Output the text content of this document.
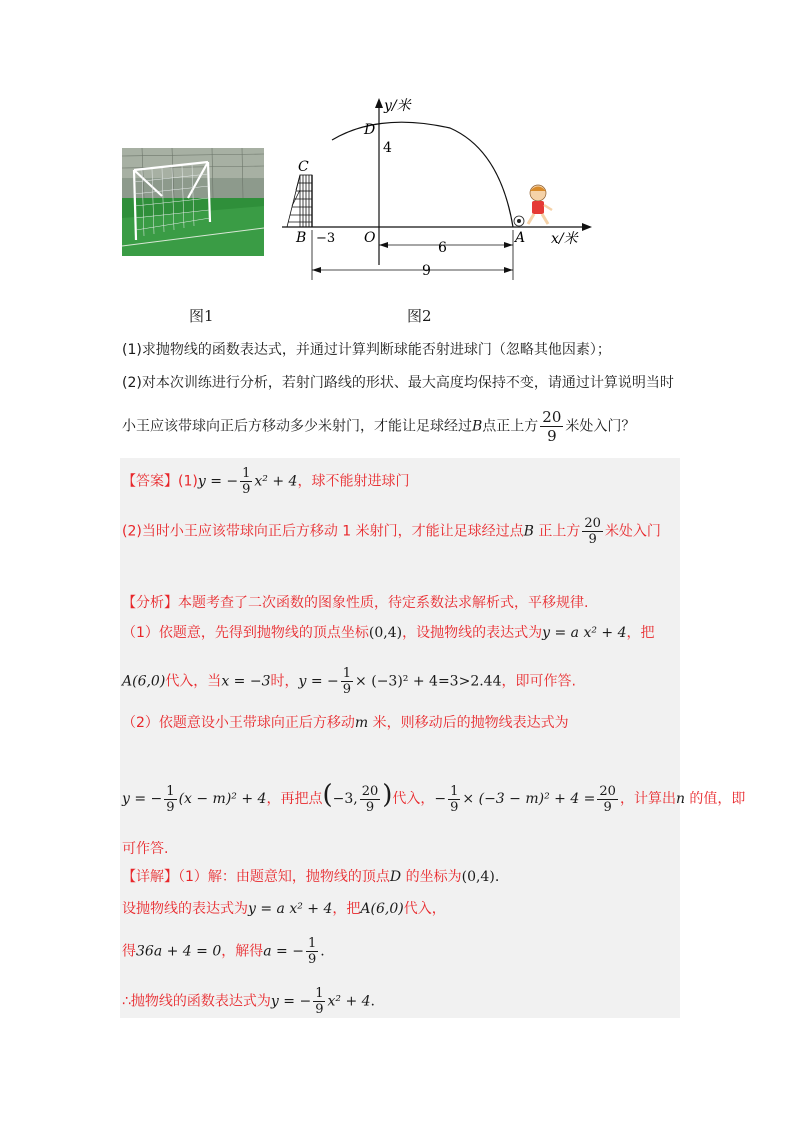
y/米
x/米
D
4
C
B −3 O	A
6
9
图1	图2
(1)求抛物线的函数表达式，并通过计算判断球能否射进球门（忽略其他因素）；
(2)对本次训练进行分析，若射门路线的形状、最大高度均保持不变，请通过计算说明当时
小王应该带球向正后方移动多少米射门，才能让足球经过B点正上方 $\frac{20}{9}$ 米处入门？
【答案】(1)y = − $\frac{1}{9} x^2 + 4$，球不能射进球门
(2)当时小王应该带球向正后方移动 1 米射门，才能让足球经过点B 正上方 $\frac{20}{9}$ 米处入门
【分析】本题考查了二次函数的图象性质，待定系数法求解析式，平移规律.
（1）依题意，先得到抛物线的顶点坐标(0,4)，设抛物线的表达式为y = a x² + 4，把
A(6,0)代入，当x = −3时，y = − $\frac{1}{9} \times (-3)^2 + 4=3>2.44$，即可作答.
（2）依题意设小王带球向正后方移动m 米，则移动后的抛物线表达式为
y = − $\frac{1}{9} (x - m)^2 + 4$，再把点(−3, $\frac{20}{9}$ )代入，− $\frac{1}{9} \times (-3 - m)^2 + 4 = \frac{20}{9}$ ，计算出n 的值，即
可作答.
【详解】（1）解：由题意知，抛物线的顶点D 的坐标为(0,4).
设抛物线的表达式为y = a x² + 4，把A(6,0)代入，
得36a + 4 = 0，解得a = − $\frac{1}{9}$ .
∴抛物线的函数表达式为y = − $\frac{1}{9} x^2 + 4$.
